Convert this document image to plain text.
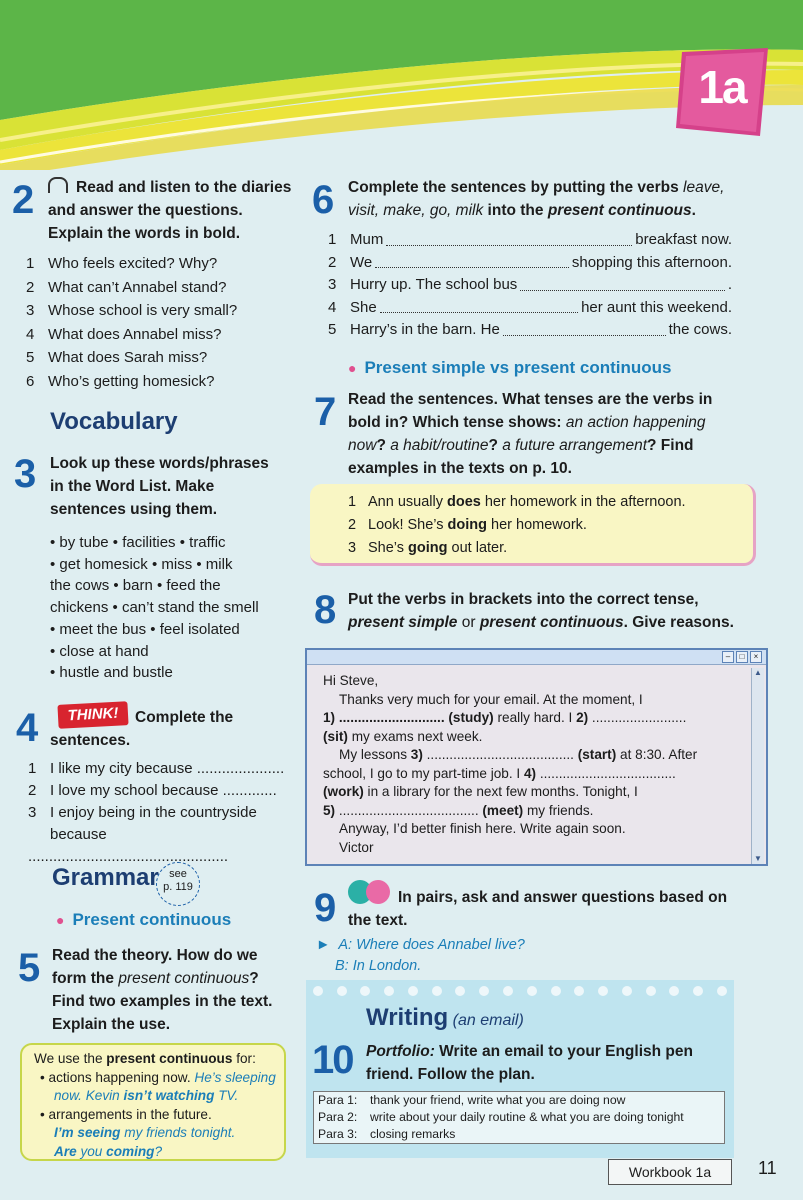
1a
2	Read and listen to the diaries and answer the questions. Explain the words in bold.
1 Who feels excited? Why?
2 What can’t Annabel stand?
3 Whose school is very small?
4 What does Annabel miss?
5 What does Sarah miss?
6 Who’s getting homesick?
Vocabulary
3 Look up these words/phrases in the Word List. Make sentences using them.
• by tube • facilities • traffic
• get homesick • miss • milk
the cows • barn • feed the
chickens • can’t stand the smell
• meet the bus • feel isolated
• close at hand
• hustle and bustle
4	THINK!	Complete the sentences.
1 I like my city because .....................
2 I love my school because .............
3 I enjoy being in the countryside
because ................................................
Grammar see
p. 119
● Present continuous
5 Read the theory. How do we form the present continuous? Find two examples in the text. Explain the use.
We use the present continuous for:
• actions happening now. He’s sleeping now. Kevin isn’t watching TV.
• arrangements in the future.
I’m seeing my friends tonight.
Are you coming?
6 Complete the sentences by putting the verbs leave, visit, make, go, milk into the present continuous.
1 Mum	breakfast now.
2 We	shopping this afternoon.
3 Hurry up. The school bus	.
4 She	her aunt this weekend.
5 Harry’s in the barn. He	the cows.
● Present simple vs present continuous
7 Read the sentences. What tenses are the verbs in bold in? Which tense shows: an action happening now? a habit/routine? a future arrangement? Find examples in the texts on p. 10.
1 Ann usually does her homework in the afternoon.
2 Look! She’s doing her homework.
3 She’s going out later.
8 Put the verbs in brackets into the correct tense, present simple or present continuous. Give reasons.
–	□	×
Hi Steve,
Thanks very much for your email. At the moment, I
1) ............................ (study) really hard. I 2) .........................
(sit) my exams next week.
My lessons 3) ....................................... (start) at 8:30. After
school, I go to my part-time job. I 4) ....................................
(work) in a library for the next few months. Tonight, I
5) ..................................... (meet) my friends.
Anyway, I’d better finish here. Write again soon.
Victor
▲
▼
9	In pairs, ask and answer questions based on the text.
► A: Where does Annabel live?
B: In London.
Writing (an email)
10 Portfolio: Write an email to your English pen friend. Follow the plan.
Para 1: thank your friend, write what you are doing now
Para 2: write about your daily routine & what you are doing tonight
Para 3: closing remarks
Workbook 1a	11
